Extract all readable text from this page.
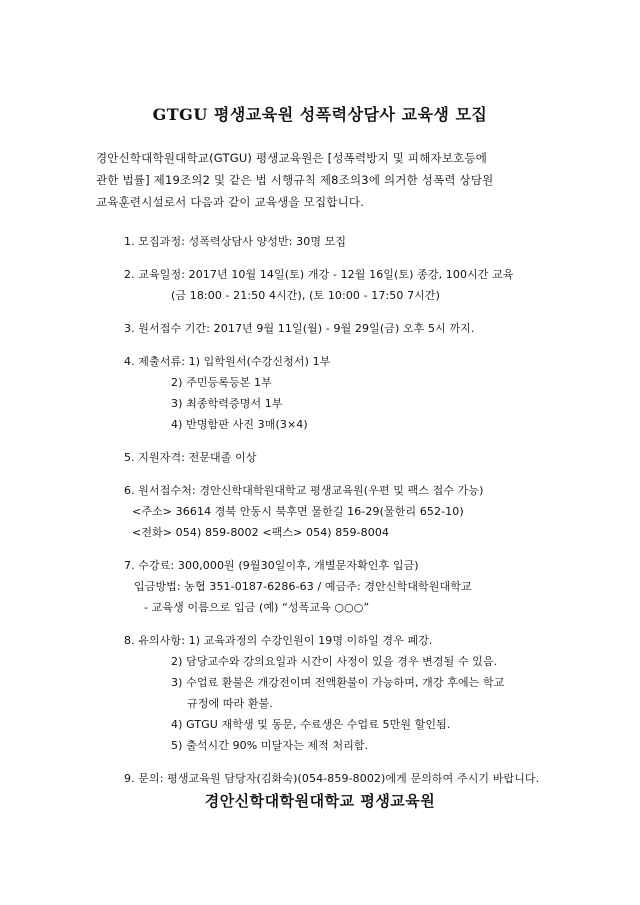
GTGU 평생교육원 성폭력상담사 교육생 모집

경안신학대학원대학교(GTGU) 평생교육원은 [성폭력방지 및 피해자보호등에

관한 법률] 제19조의2 및 같은 법 시행규칙 제8조의3에 의거한 성폭력 상담원

교육훈련시설로서 다음과 같이 교육생을 모집합니다.

1. 모집과정: 성폭력상담사 양성반: 30명 모집
2. 교육일정: 2017년 10월 14일(토) 개강 - 12월 16일(토) 종강, 100시간 교육
(금 18:00 - 21:50 4시간), (토 10:00 - 17:50 7시간)
3. 원서접수 기간: 2017년 9월 11일(월) - 9월 29일(금) 오후 5시 까지.
4. 제출서류: 1) 입학원서(수강신청서) 1부
2) 주민등록등본 1부
3) 최종학력증명서 1부
4) 반명함판 사진 3매(3×4)
5. 지원자격: 전문대졸 이상
6. 원서접수처: 경안신학대학원대학교 평생교육원(우편 및 팩스 접수 가능)
<주소> 36614 경북 안동시 북후면 물한길 16-29(물한리 652-10)
<전화> 054) 859-8002 <팩스> 054) 859-8004
7. 수강료: 300,000원 (9월30일이후, 개별문자확인후 입금)
입금방법: 농협 351-0187-6286-63 / 예금주: 경안신학대학원대학교
- 교육생 이름으로 입금 (예) “성폭교육 ○○○”
8. 유의사항: 1) 교육과정의 수강인원이 19명 이하일 경우 폐강.
2) 담당교수와 강의요일과 시간이 사정이 있을 경우 변경될 수 있음.
3) 수업료 환불은 개강전이며 전액환불이 가능하며, 개강 후에는 학교
규정에 따라 환불.
4) GTGU 재학생 및 동문, 수료생은 수업료 5만원 할인됨.
5) 출석시간 90% 미달자는 제적 처리함.
9. 문의: 평생교육원 담당자(김화숙)(054-859-8002)에게 문의하여 주시기 바랍니다.
경안신학대학원대학교 평생교육원
